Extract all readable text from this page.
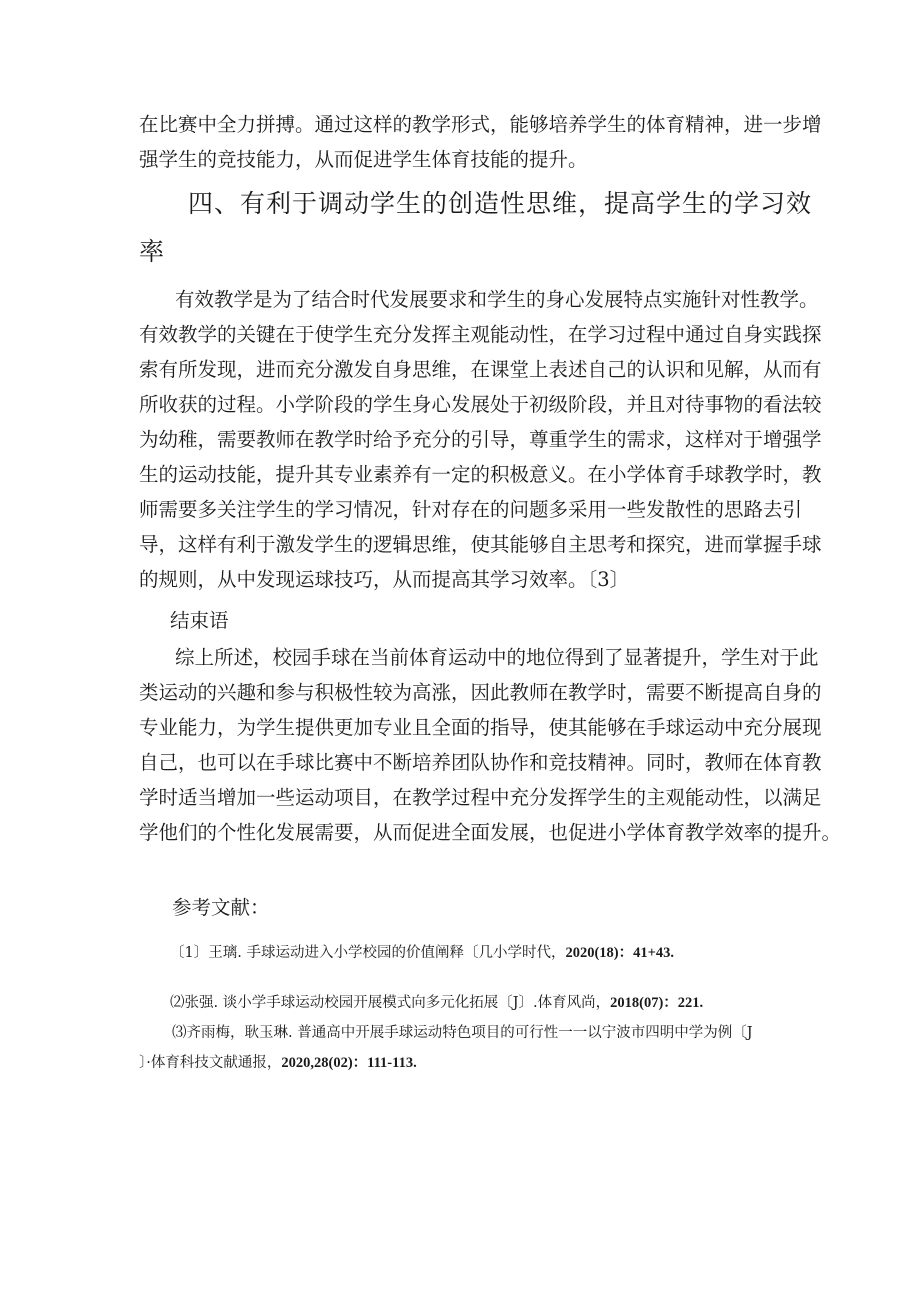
在比赛中全力拼搏。通过这样的教学形式，能够培养学生的体育精神，进一步增
强学生的竞技能力，从而促进学生体育技能的提升。
四、有利于调动学生的创造性思维，提高学生的学习效
率
有效教学是为了结合时代发展要求和学生的身心发展特点实施针对性教学。
有效教学的关键在于使学生充分发挥主观能动性，在学习过程中通过自身实践探
索有所发现，进而充分激发自身思维，在课堂上表述自己的认识和见解，从而有
所收获的过程。小学阶段的学生身心发展处于初级阶段，并且对待事物的看法较
为幼稚，需要教师在教学时给予充分的引导，尊重学生的需求，这样对于增强学
生的运动技能，提升其专业素养有一定的积极意义。在小学体育手球教学时，教
师需要多关注学生的学习情况，针对存在的问题多采用一些发散性的思路去引
导，这样有利于激发学生的逻辑思维，使其能够自主思考和探究，进而掌握手球
的规则，从中发现运球技巧，从而提高其学习效率。〔3〕
结束语
综上所述，校园手球在当前体育运动中的地位得到了显著提升，学生对于此
类运动的兴趣和参与积极性较为高涨，因此教师在教学时，需要不断提高自身的
专业能力，为学生提供更加专业且全面的指导，使其能够在手球运动中充分展现
自己，也可以在手球比赛中不断培养团队协作和竞技精神。同时，教师在体育教
学时适当增加一些运动项目，在教学过程中充分发挥学生的主观能动性，以满足
学他们的个性化发展需要，从而促进全面发展，也促进小学体育教学效率的提升。
参考文献：
〔1〕王璃. 手球运动进入小学校园的价值阐释〔几小学时代，2020(18)：41+43.
⑵张强. 谈小学手球运动校园开展模式向多元化拓展〔J〕.体育风尚，2018(07)：221.
⑶齐雨梅，耿玉琳. 普通高中开展手球运动特色项目的可行性一一以宁波市四明中学为例〔J
〕·体育科技文献通报，2020,28(02)：111-113.
